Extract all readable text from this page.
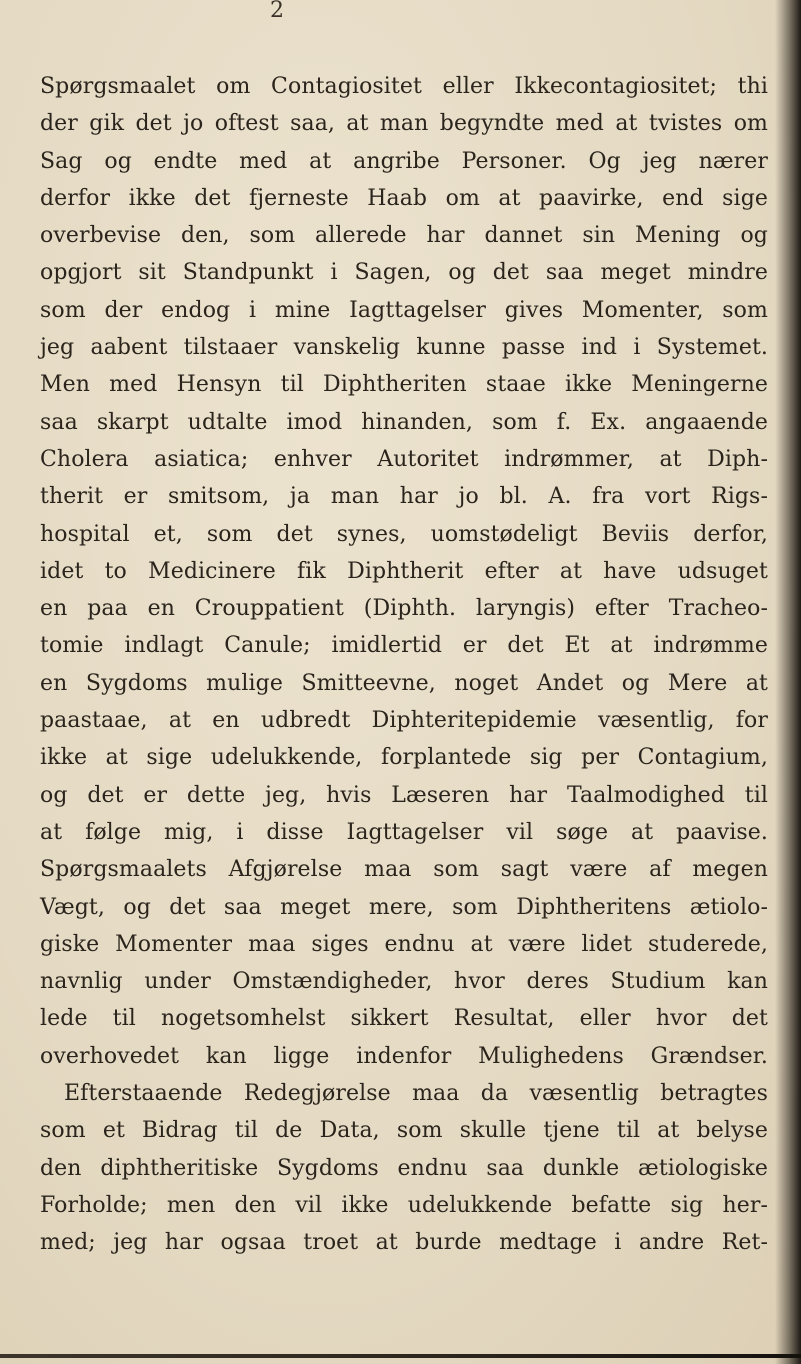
2
Spørgsmaalet om Contagiositet eller Ikkecontagiositet; thi
der gik det jo oftest saa, at man begyndte med at tvistes om
Sag og endte med at angribe Personer. Og jeg nærer
derfor ikke det fjerneste Haab om at paavirke, end sige
overbevise den, som allerede har dannet sin Mening og
opgjort sit Standpunkt i Sagen, og det saa meget mindre
som der endog i mine Iagttagelser gives Momenter, som
jeg aabent tilstaaer vanskelig kunne passe ind i Systemet.
Men med Hensyn til Diphtheriten staae ikke Meningerne
saa skarpt udtalte imod hinanden, som f. Ex. angaaende
Cholera asiatica; enhver Autoritet indrømmer, at Diph-
therit er smitsom, ja man har jo bl. A. fra vort Rigs-
hospital et, som det synes, uomstødeligt Beviis derfor,
idet to Medicinere fik Diphtherit efter at have udsuget
en paa en Crouppatient (Diphth. laryngis) efter Tracheo-
tomie indlagt Canule; imidlertid er det Et at indrømme
en Sygdoms mulige Smitteevne, noget Andet og Mere at
paastaae, at en udbredt Diphteritepidemie væsentlig, for
ikke at sige udelukkende, forplantede sig per Contagium,
og det er dette jeg, hvis Læseren har Taalmodighed til
at følge mig, i disse Iagttagelser vil søge at paavise.
Spørgsmaalets Afgjørelse maa som sagt være af megen
Vægt, og det saa meget mere, som Diphtheritens ætiolo-
giske Momenter maa siges endnu at være lidet studerede,
navnlig under Omstændigheder, hvor deres Studium kan
lede til nogetsomhelst sikkert Resultat, eller hvor det
overhovedet kan ligge indenfor Mulighedens Grændser.
Efterstaaende Redegjørelse maa da væsentlig betragtes
som et Bidrag til de Data, som skulle tjene til at belyse
den diphtheritiske Sygdoms endnu saa dunkle ætiologiske
Forholde; men den vil ikke udelukkende befatte sig her-
med; jeg har ogsaa troet at burde medtage i andre Ret-
